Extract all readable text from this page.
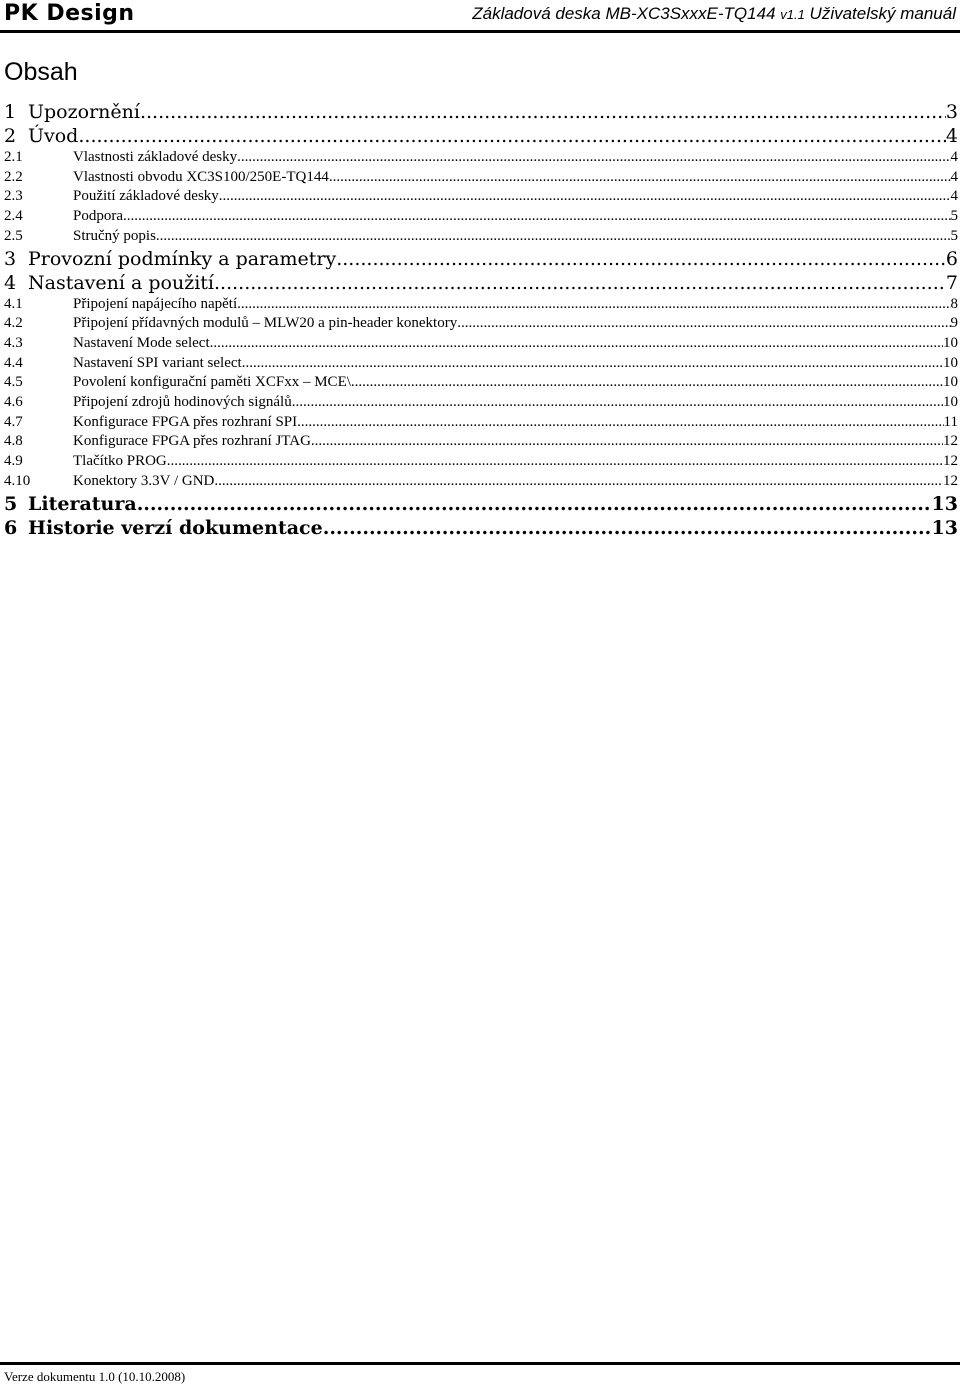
PK Design	Základová deska MB-XC3SxxxE-TQ144 v1.1 Uživatelský manuál
Obsah
1 Upozornění .....	3
2 Úvod .....	4
2.1	Vlastnosti základové desky .....	4
2.2	Vlastnosti obvodu XC3S100/250E-TQ144 .....	4
2.3	Použití základové desky .....	4
2.4	Podpora .....	5
2.5	Stručný popis .....	5
3 Provozní podmínky a parametry .....	6
4 Nastavení a použití .....	7
4.1	Připojení napájecího napětí .....	8
4.2	Připojení přídavných modulů – MLW20 a pin-header konektory .....	9
4.3	Nastavení Mode select .....	10
4.4	Nastavení SPI variant select .....	10
4.5	Povolení konfigurační paměti XCFxx – MCE\ .....	10
4.6	Připojení zdrojů hodinových signálů .....	10
4.7	Konfigurace FPGA přes rozhraní SPI .....	11
4.8	Konfigurace FPGA přes rozhraní JTAG .....	12
4.9	Tlačítko PROG .....	12
4.10	Konektory 3.3V / GND .....	12
5 Literatura .....	13
6 Historie verzí dokumentace .....	13
Verze dokumentu 1.0 (10.10.2008)
